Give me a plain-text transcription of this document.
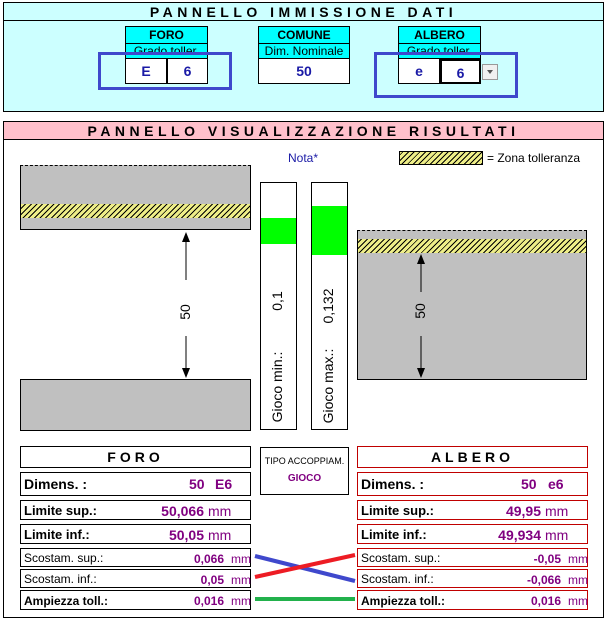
PANNELLO IMMISSIONE DATI
FORO
Grado toller.
E	6
COMUNE
Dim. Nominale
50
ALBERO
Grado toller.
e	6
PANNELLO VISUALIZZAZIONE RISULTATI
Nota*	= Zona tolleranza
50
0,1
Gioco min.:
0,132
Gioco max.:
50
TIPO ACCOPPIAM.
GIOCO
FORO
Dimens. :	50 E6
Limite sup.:	50,066 mm
Limite inf.:	50,05 mm
Scostam. sup.:	0,066 mm
Scostam. inf.:	0,05 mm
Ampiezza toll.:	0,016 mm
ALBERO
Dimens. :	50 e6
Limite sup.:	49,95 mm
Limite inf.:	49,934 mm
Scostam. sup.:	-0,05 mm
Scostam. inf.:	-0,066 mm
Ampiezza toll.:	0,016 mm
